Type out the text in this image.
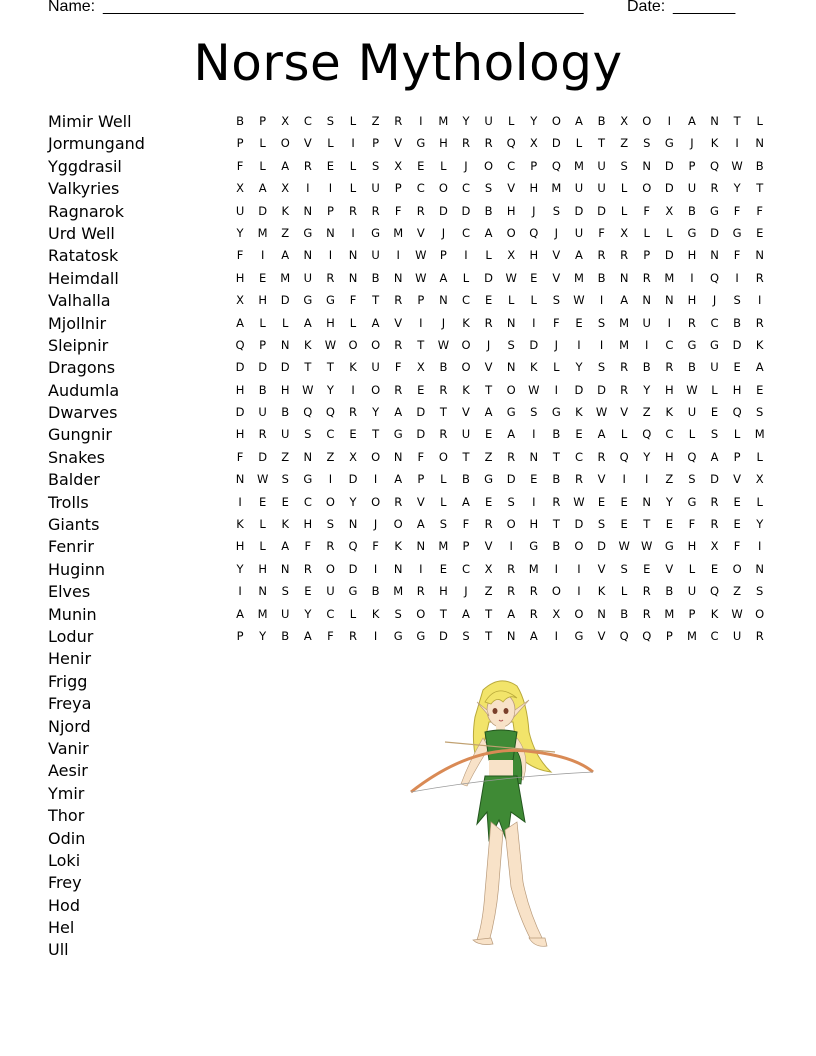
Name: ______________________________________________________	Date: _______
Norse Mythology
Mimir Well
Jormungand
Yggdrasil
Valkyries
Ragnarok
Urd Well
Ratatosk
Heimdall
Valhalla
Mjollnir
Sleipnir
Dragons
Audumla
Dwarves
Gungnir
Snakes
Balder
Trolls
Giants
Fenrir
Huginn
Elves
Munin
Lodur
Henir
Frigg
Freya
Njord
Vanir
Aesir
Ymir
Thor
Odin
Loki
Frey
Hod
Hel
Ull
B	P	X	C	S	L	Z	R	I	M	Y	U	L	Y	O	A	B	X	O	I	A	N	T	L
P	L	O	V	L	I	P	V	G	H	R	R	Q	X	D	L	T	Z	S	G	J	K	I	N
F	L	A	R	E	L	S	X	E	L	J	O	C	P	Q	M	U	S	N	D	P	Q	W	B
X	A	X	I	I	L	U	P	C	O	C	S	V	H	M	U	U	L	O	D	U	R	Y	T
U	D	K	N	P	R	R	F	R	D	D	B	H	J	S	D	D	L	F	X	B	G	F	F
Y	M	Z	G	N	I	G	M	V	J	C	A	O	Q	J	U	F	X	L	L	G	D	G	E
F	I	A	N	I	N	U	I	W	P	I	L	X	H	V	A	R	R	P	D	H	N	F	N
H	E	M	U	R	N	B	N	W	A	L	D	W	E	V	M	B	N	R	M	I	Q	I	R
X	H	D	G	G	F	T	R	P	N	C	E	L	L	S	W	I	A	N	N	H	J	S	I
A	L	L	A	H	L	A	V	I	J	K	R	N	I	F	E	S	M	U	I	R	C	B	R
Q	P	N	K	W	O	O	R	T	W	O	J	S	D	J	I	I	M	I	C	G	G	D	K
D	D	D	T	T	K	U	F	X	B	O	V	N	K	L	Y	S	R	B	R	B	U	E	A
H	B	H	W	Y	I	O	R	E	R	K	T	O	W	I	D	D	R	Y	H	W	L	H	E
D	U	B	Q	Q	R	Y	A	D	T	V	A	G	S	G	K	W	V	Z	K	U	E	Q	S
H	R	U	S	C	E	T	G	D	R	U	E	A	I	B	E	A	L	Q	C	L	S	L	M
F	D	Z	N	Z	X	O	N	F	O	T	Z	R	N	T	C	R	Q	Y	H	Q	A	P	L
N	W	S	G	I	D	I	A	P	L	B	G	D	E	B	R	V	I	I	Z	S	D	V	X
I	E	E	C	O	Y	O	R	V	L	A	E	S	I	R	W	E	E	N	Y	G	R	E	L
K	L	K	H	S	N	J	O	A	S	F	R	O	H	T	D	S	E	T	E	F	R	E	Y
H	L	A	F	R	Q	F	K	N	M	P	V	I	G	B	O	D	W W	G	H	X	F	I
Y	H	N	R	O	D	I	N	I	E	C	X	R	M	I	I	V	S	E	V	L	E	O	N
I	N	S	E	U	G	B	M	R	H	J	Z	R	R	O	I	K	L	R	B	U	Q	Z	S
A	M	U	Y	C	L	K	S	O	T	A	T	A	R	X	O	N	B	R	M	P	K	W	O
P	Y	B	A	F	R	I	G	G	D	S	T	N	A	I	G	V	Q	Q	P	M	C	U	R
